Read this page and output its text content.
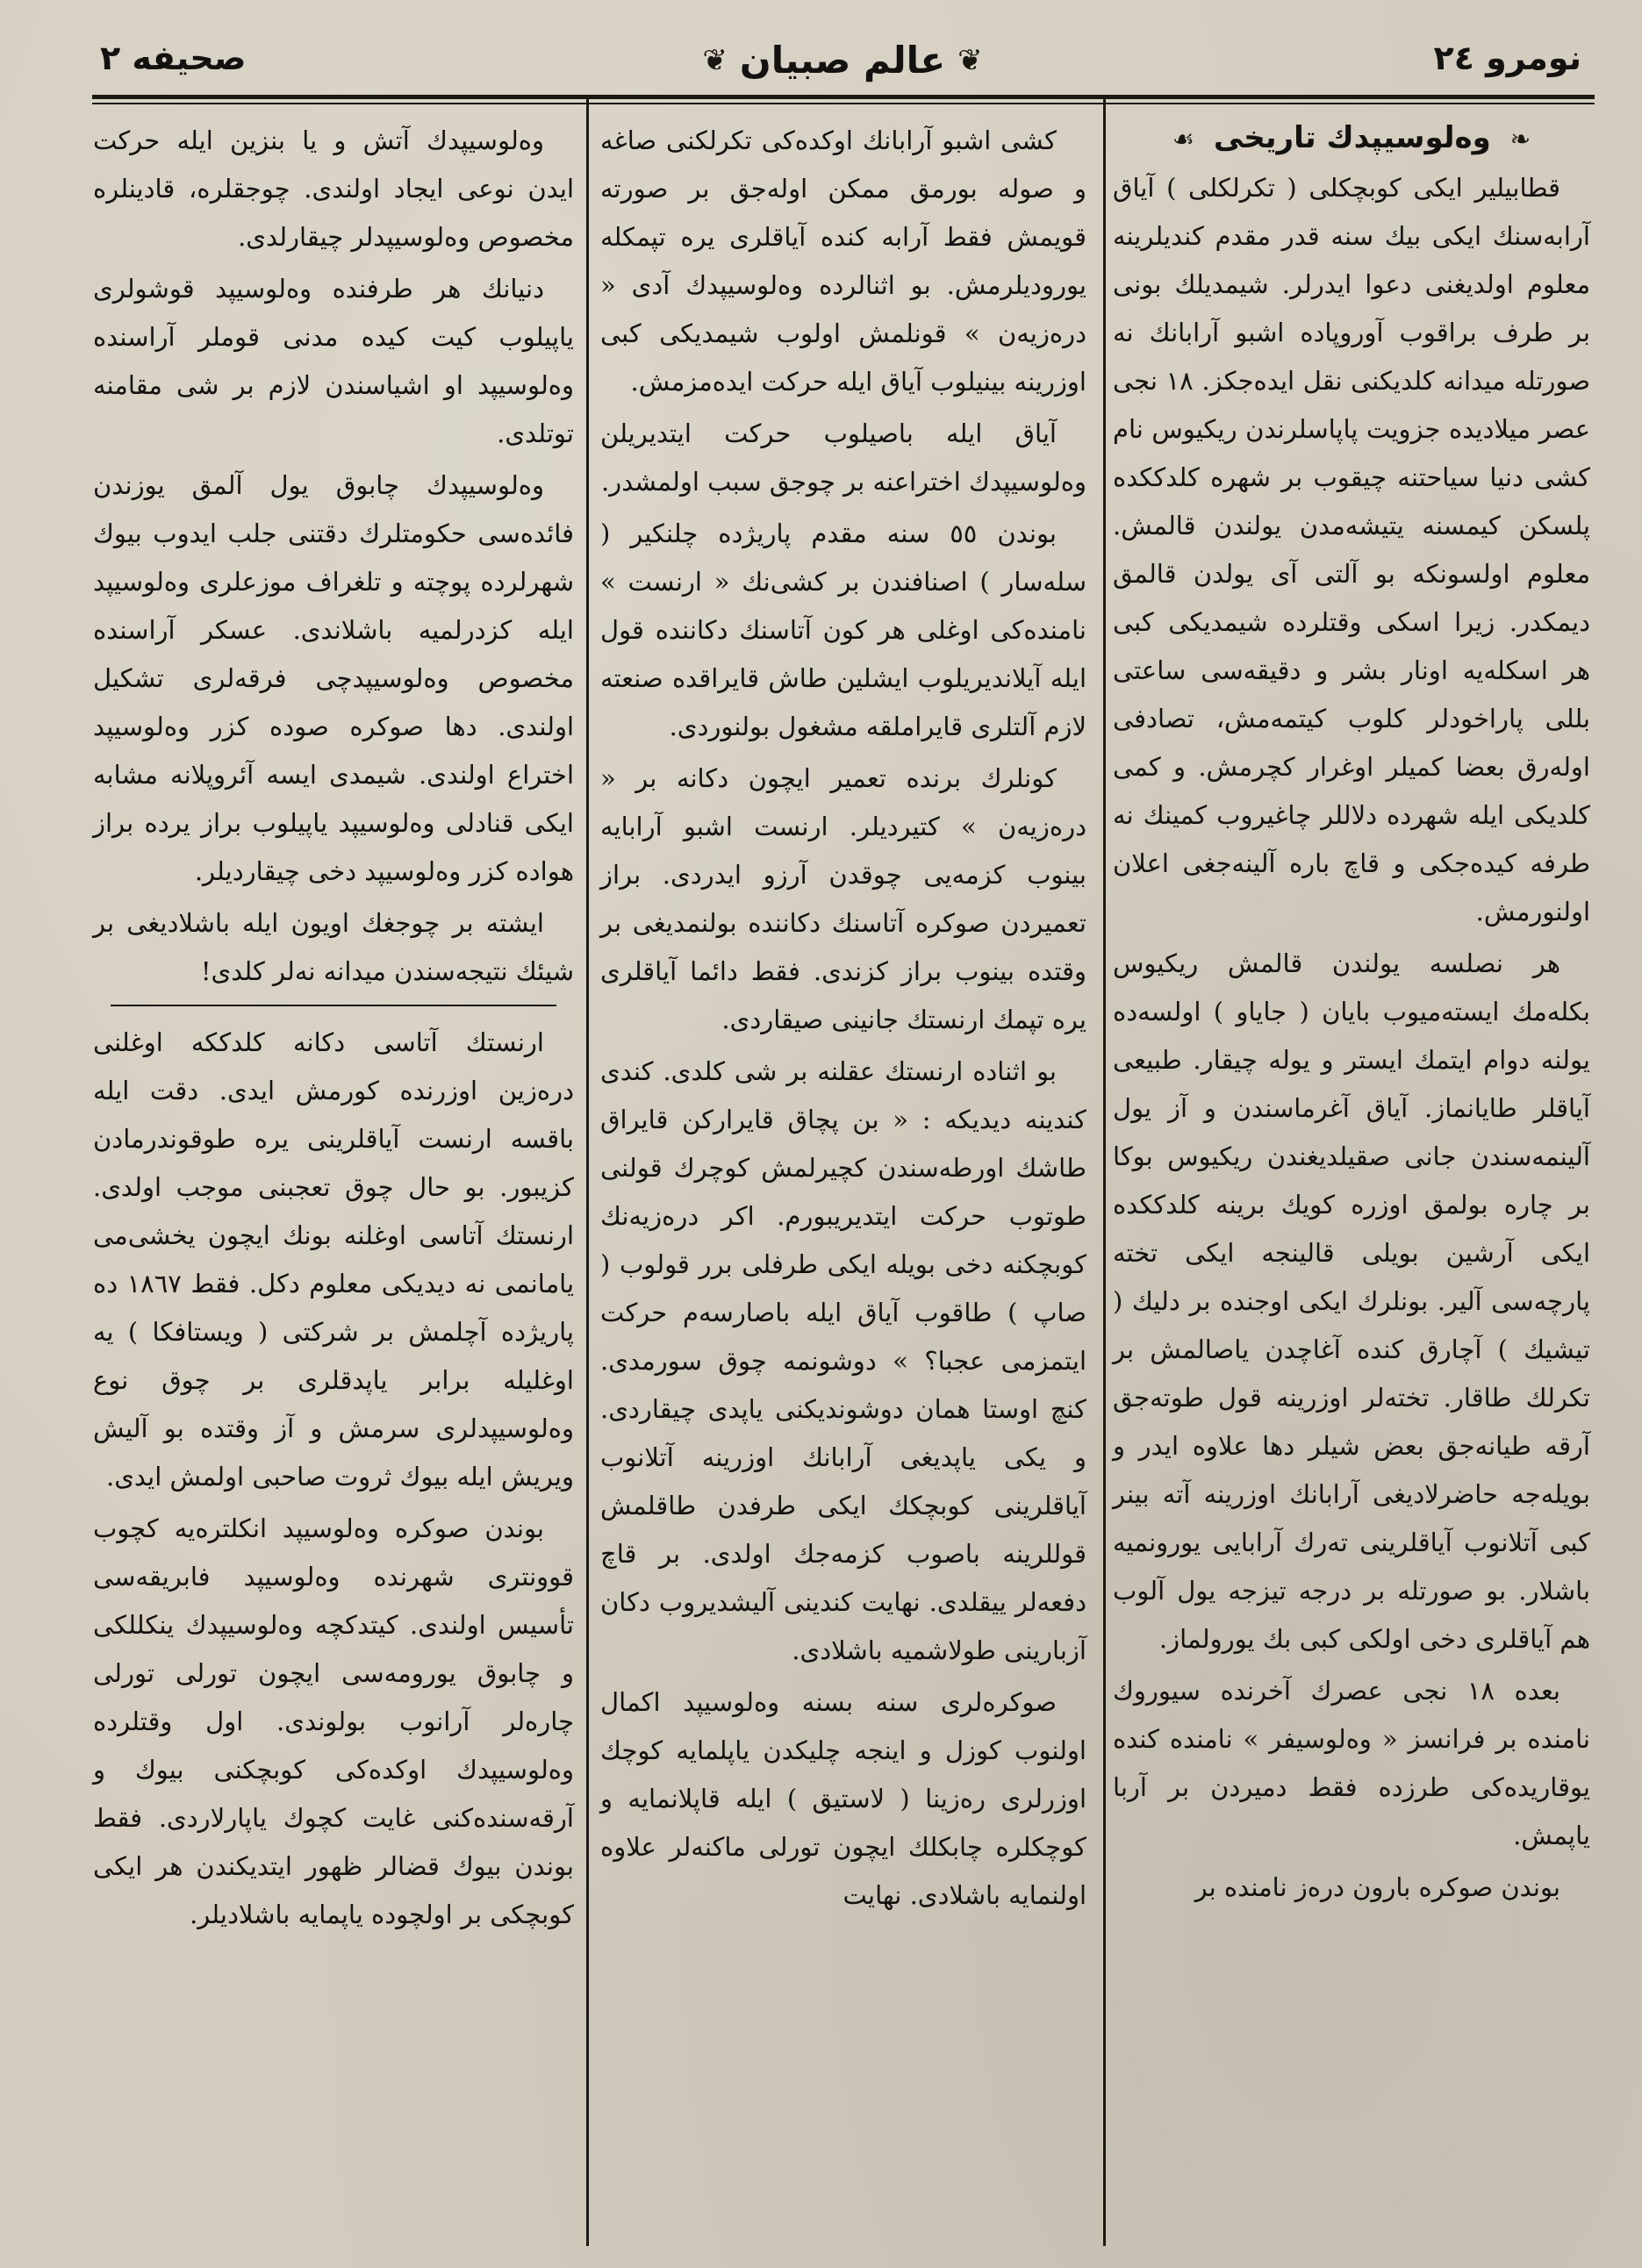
نومرو ٢٤
❦
عالم صبیان
❦
صحیفه ٢
❧ وەلوسیپدك تاریخی ☙

قطابیلیر ایكی كوبچكلی ( تكرلكلی ) آیاق آرابەسنك ایكی بیك سنه قدر مقدم كندیلرینه معلوم اولدیغنی دعوا ایدرلر. شیمدیلك بونی بر طرف براقوب آوروپاده اشبو آرابانك نه صورتله میدانه كلدیكنی نقل ایدەجكز. ١٨ نجی عصر میلادیده جزویت پاپاسلرندن ریكیوس نام كشی دنیا سیاحتنه چیقوب بر شهره كلدككده پلسكن كیمسنه یتیشەمدن یولندن قالمش. معلوم اولسونكه بو آلتی آی یولدن قالمق دیمكدر. زیرا اسكی وقتلرده شیمدیكی كبی هر اسكلەیه اونار بشر و دقیقەسی ساعتی بللی پاراخودلر كلوب كیتمەمش، تصادفی اولەرق بعضا كمیلر اوغرار كچرمش. و كمی كلدیكی ایله شهرده دلاللر چاغیروب كمینك نه طرفه كیدەجكی و قاچ باره آلینەجغی اعلان اولنورمش.

هر نصلسه یولندن قالمش ریكیوس بكلەمك ایستەمیوب بایان ( جایاو ) اولسەده یولنه دوام ایتمك ایستر و یوله چیقار. طبیعی آیاقلر طایانماز. آیاق آغرماسندن و آز یول آلینمەسندن جانی صقیلدیغندن ریكیوس بوكا بر چاره بولمق اوزره كویك برینه كلدككده ایكی آرشین بویلی قالینجه ایكی تخته پارچەسی آلیر. بونلرك ایكی اوجنده بر دلیك ( تیشیك ) آچارق كندە آغاچدن یاصالمش بر تكرلك طاقار. تختەلر اوزرینه قول طوتەجق آرقه طیانەجق بعض شیلر دها علاوه ایدر و بویلەجه حاضرلادیغی آرابانك اوزرینه آته بینر كبی آتلانوب آیاقلرینی تەرك آرابایی یورونمیه باشلار. بو صورتله بر درجه تیزجه یول آلوب هم آیاقلری دخی اولكی كبی بك یورولماز.

بعده ١٨ نجی عصرك آخرنده سیوروك نامنده بر فرانسز « وەلوسیفر » نامنده كندە یوقاریدەكی طرزده فقط دمیردن بر آربا یاپمش.

بوندن صوكره بارون درەز نامنده بر

كشی اشبو آرابانك اوكدەكی تكرلكنی صاغه و صوله بورمق ممكن اولەجق بر صورته قویمش فقط آرابه كندە آیاقلری یره تپمكله یورودیلرمش. بو اثنالرده وەلوسیپدك آدی « درەزیەن » قونلمش اولوب شیمدیكی كبی اوزرینه بینیلوب آیاق ایله حركت ایدەمزمش.

آیاق ایله باصیلوب حركت ایتدیریلن وەلوسیپدك اختراعنه بر چوجق سبب اولمشدر.

بوندن ٥٥ سنه مقدم پاریژده چلنكیر ( سلەسار ) اصنافندن بر كشی‌نك « ارنست » نامندەكی اوغلی هر كون آتاسنك دكاننده قول ایله آیلاندیریلوب ایشلین طاش قایراقده صنعته لازم آلتلری قایراملقه مشغول بولنوردی.

كونلرك برنده تعمیر ایچون دكانه بر « درەزیەن » كتیردیلر. ارنست اشبو آرابایه بینوب كزمەیی چوقدن آرزو ایدردی. براز تعمیردن صوكره آتاسنك دكاننده بولنمدیغی بر وقتده بینوب براز كزندی. فقط دائما آیاقلری یره تپمك ارنستك جانینی صیقاردی.

بو اثناده ارنستك عقلنه بر شی كلدی. كندی كندینه دیدیكه : « بن پچاق قایرارکن قایراق طاشك اورطەسندن كچیرلمش كوچرك قولنی طوتوب حركت ایتدیریبورم. اكر درەزیەنك كوبچكنه دخی بویله ایكی طرفلی برر قولوب ( صاپ ) طاقوب آیاق ایله باصارسەم حركت ایتمزمی عجبا؟ » دوشونمه چوق سورمدی. كنچ اوستا همان دوشوندیكنی یاپدی چیقاردی. و یكی یاپدیغی آرابانك اوزرینه آتلانوب آیاقلرینی كوبچكك ایكی طرفدن طاقلمش قوللرینه باصوب كزمەجك اولدی. بر قاچ دفعەلر ییقلدی. نهایت كندینی آلیشدیروب دكان آزبارینی طولاشمیه باشلادی.

صوكرەلری سنه بسنه وەلوسیپد اكمال اولنوب كوزل و اینجه چلیكدن یاپلمایه كوچك اوزرلری رەزینا ( لاستیق ) ایله قاپلانمایه و كوچكلره چابكلك ایچون تورلی ماكنەلر علاوه اولنمایه باشلادی. نهایت

وەلوسیپدك آتش و یا بنزین ایله حركت ایدن نوعی ایجاد اولندی. چوجقلره، قادینلره مخصوص وەلوسیپدلر چیقارلدی.

دنیانك هر طرفنده وەلوسیپد قوشولری یاپیلوب كیت كیده مدنی قوملر آراسنده وەلوسیپد او اشیاسندن لازم بر شی مقامنه توتلدی.

وەلوسیپدك چابوق یول آلمق یوزندن فائدەسی حكومتلرك دقتنی جلب ایدوب بیوك شهرلرده پوچته و تلغراف موزعلری وەلوسیپد ایله كزدرلمیه باشلاندی. عسكر آراسنده مخصوص وەلوسیپدچی فرقەلری تشكیل اولندی. دها صوكره صوده كزر وەلوسیپد اختراع اولندی. شیمدی ایسه آئروپلانه مشابه ایكی قنادلی وەلوسیپد یاپیلوب براز یرده براز هواده كزر وەلوسیپد دخی چیقاردیلر.

ایشته بر چوجغك اویون ایله باشلادیغی بر شیئك نتیجەسندن میدانه نەلر كلدی!

ارنستك آتاسی دكانه كلدككه اوغلنی درەزین اوزرنده كورمش ایدی. دقت ایله باقسه ارنست آیاقلرینی یره طوقوندرمادن كزیبور. بو حال چوق تعجبنی موجب اولدی. ارنستك آتاسی اوغلنه بونك ایچون یخشی‌می یامانمی نه دیدیكی معلوم دكل. فقط ١٨٦٧ ده پاریژده آچلمش بر شركتی ( ویستافكا ) یه اوغلیله برابر یاپدقلری بر چوق نوع وەلوسیپدلری سرمش و آز وقتده بو آلیش ویریش ایله بیوك ثروت صاحبی اولمش ایدی.

بوندن صوكره وەلوسیپد انكلترەیه كچوب قوونتری شهرنده وەلوسیپد فابریقەسی تأسیس اولندی. كیتدكچه وەلوسیپدك ینكللكی و چابوق یورومەسی ایچون تورلی تورلی چارەلر آرانوب بولوندی. اول وقتلرده وەلوسیپدك اوكدەكی كوبچكنی بیوك و آرقەسندەكنی غایت كچوك یاپارلاردی. فقط بوندن بیوك قضالر ظهور ایتدیكندن هر ایكی كوبچكی بر اولچوده یاپمایه باشلادیلر.
